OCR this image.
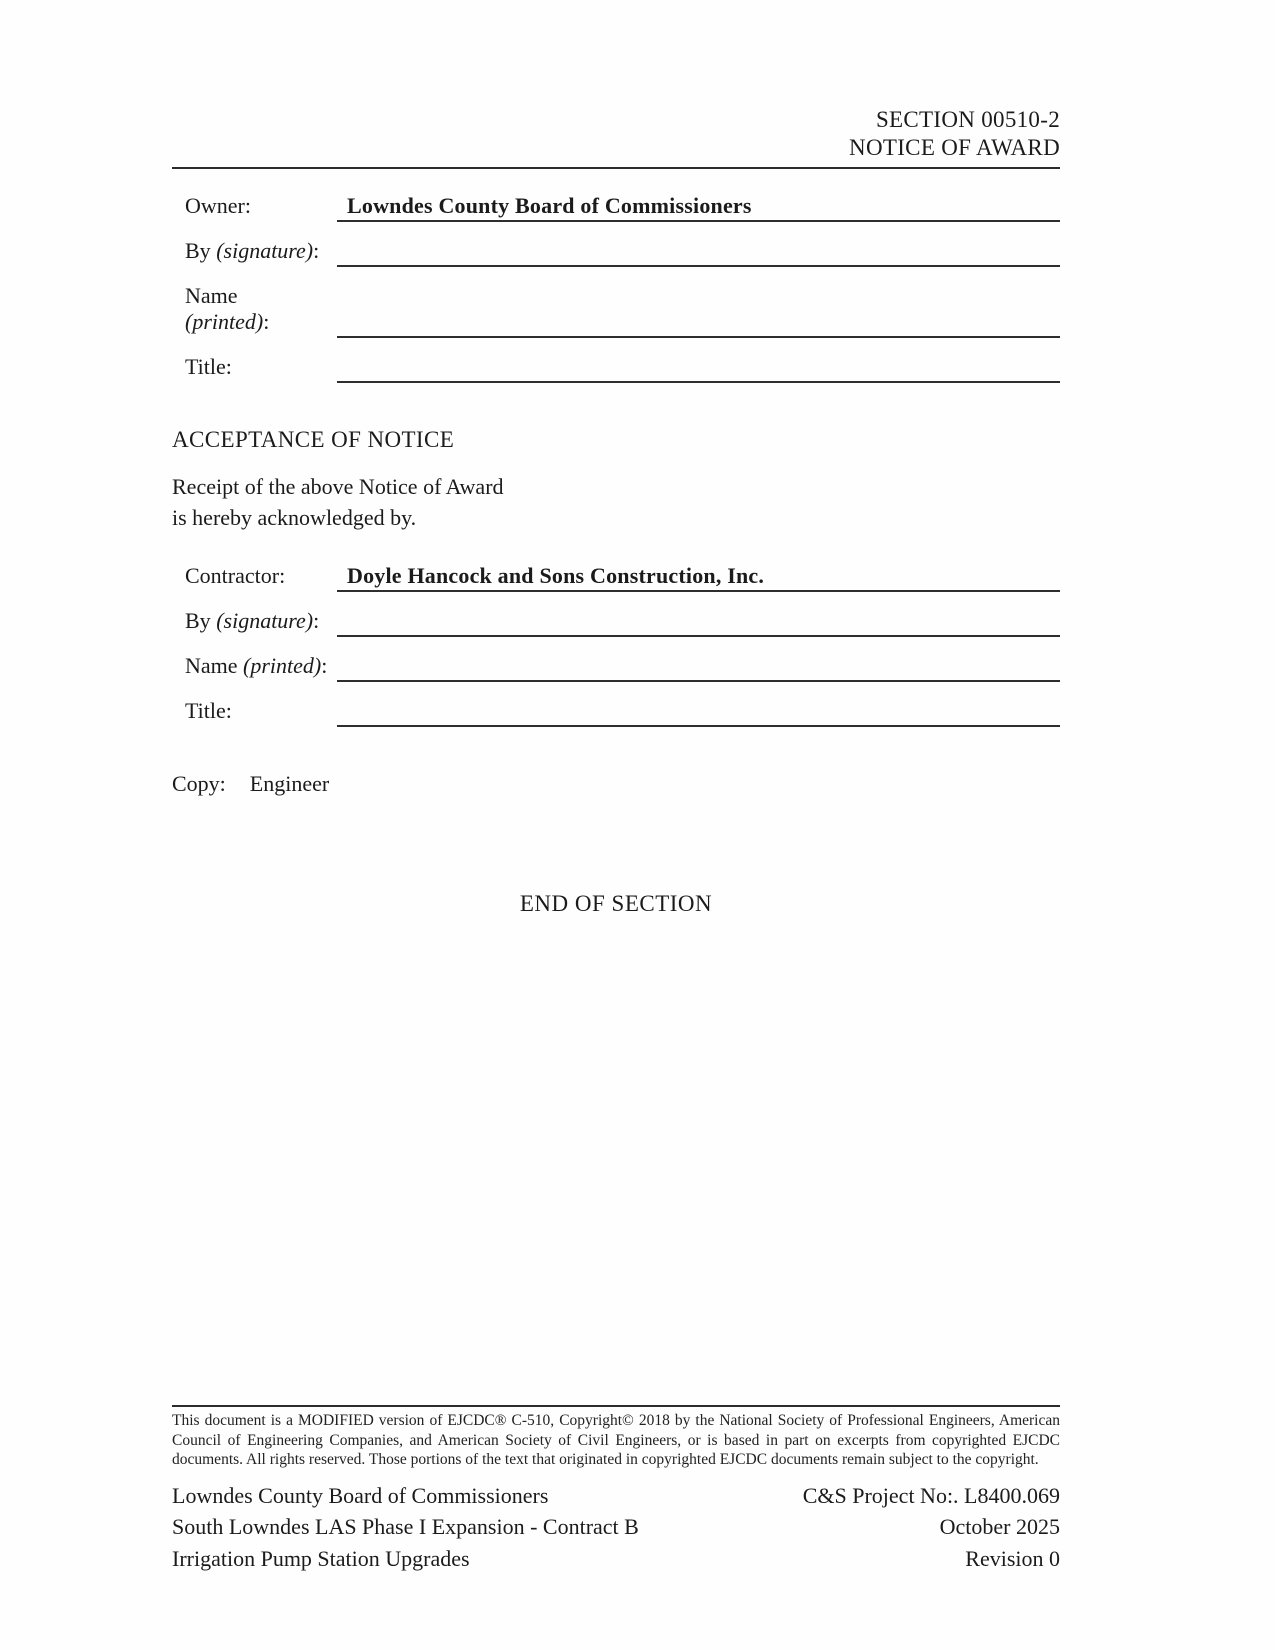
SECTION 00510-2
NOTICE OF AWARD
Owner:	Lowndes County Board of Commissioners
By (signature):
Name
(printed):
Title:
ACCEPTANCE OF NOTICE

Receipt of the above Notice of Award
is hereby acknowledged by.

Contractor:	Doyle Hancock and Sons Construction, Inc.
By (signature):
Name (printed):
Title:
Copy: Engineer
END OF SECTION

This document is a MODIFIED version of EJCDC® C-510, Copyright© 2018 by the National Society of Professional Engineers, American Council of Engineering Companies, and American Society of Civil Engineers, or is based in part on excerpts from copyrighted EJCDC documents. All rights reserved. Those portions of the text that originated in copyrighted EJCDC documents remain subject to the copyright.

Lowndes County Board of Commissioners
South Lowndes LAS Phase I Expansion - Contract B
Irrigation Pump Station Upgrades
C&S Project No:. L8400.069
October 2025
Revision 0
